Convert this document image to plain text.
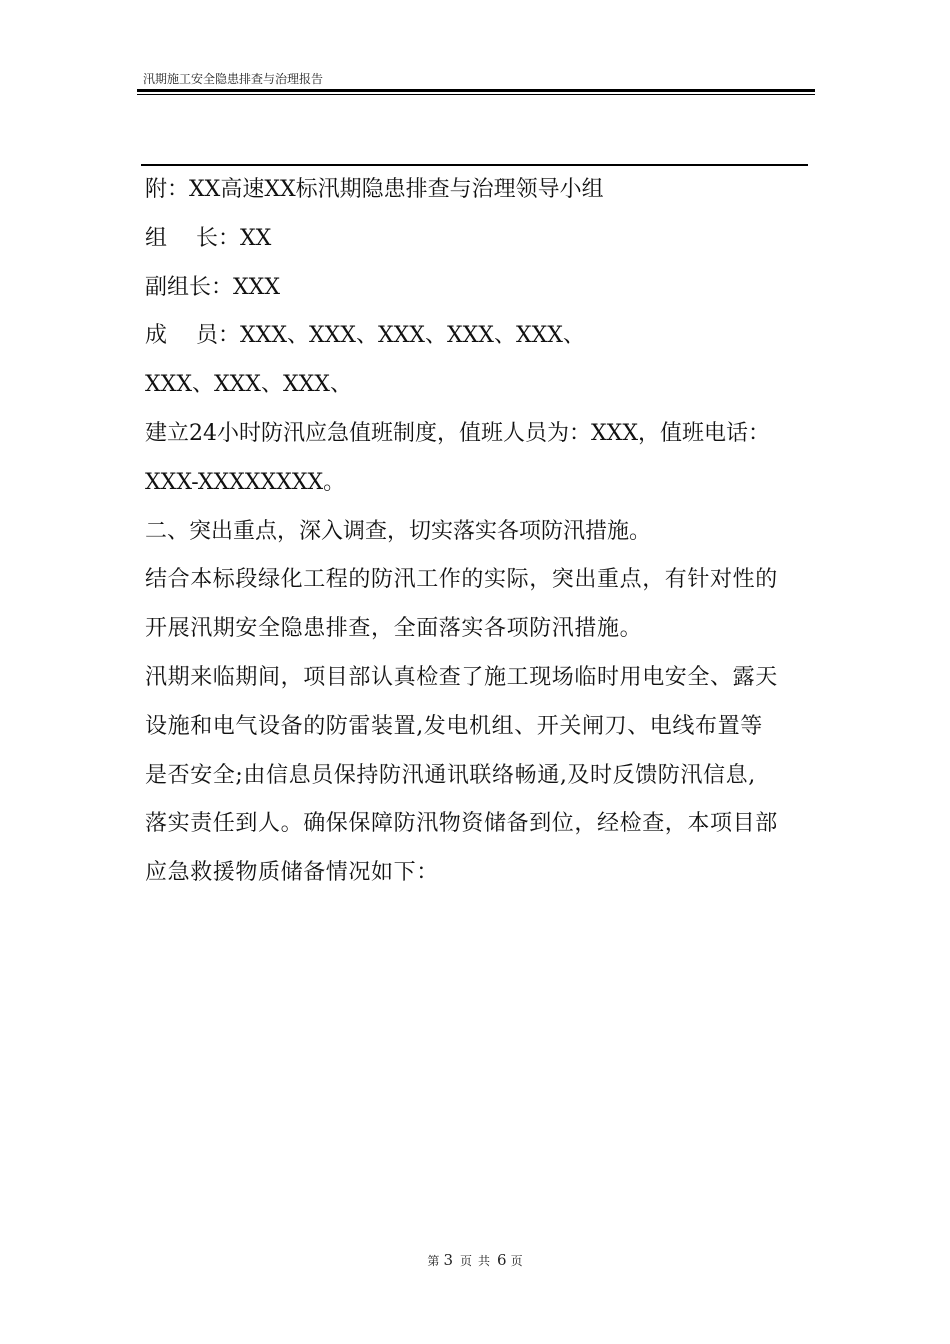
汛期施工安全隐患排查与治理报告
附：XX高速XX标汛期隐患排查与治理领导小组
组　 长：XX
副组长：XXX
成　 员：XXX、XXX、XXX、XXX、XXX、
XXX、XXX、XXX、
建立24小时防汛应急值班制度，值班人员为：XXX，值班电话：
XXX-XXXXXXXX。
二、突出重点，深入调查，切实落实各项防汛措施。
结合本标段绿化工程的防汛工作的实际，突出重点，有针对性的
开展汛期安全隐患排查，全面落实各项防汛措施。
汛期来临期间，项目部认真检查了施工现场临时用电安全、露天
设施和电气设备的防雷装置,发电机组、开关闸刀、电线布置等
是否安全;由信息员保持防汛通讯联络畅通,及时反馈防汛信息,
落实责任到人。确保保障防汛物资储备到位，经检查，本项目部
应急救援物质储备情况如下：
第 3 页 共 6 页
